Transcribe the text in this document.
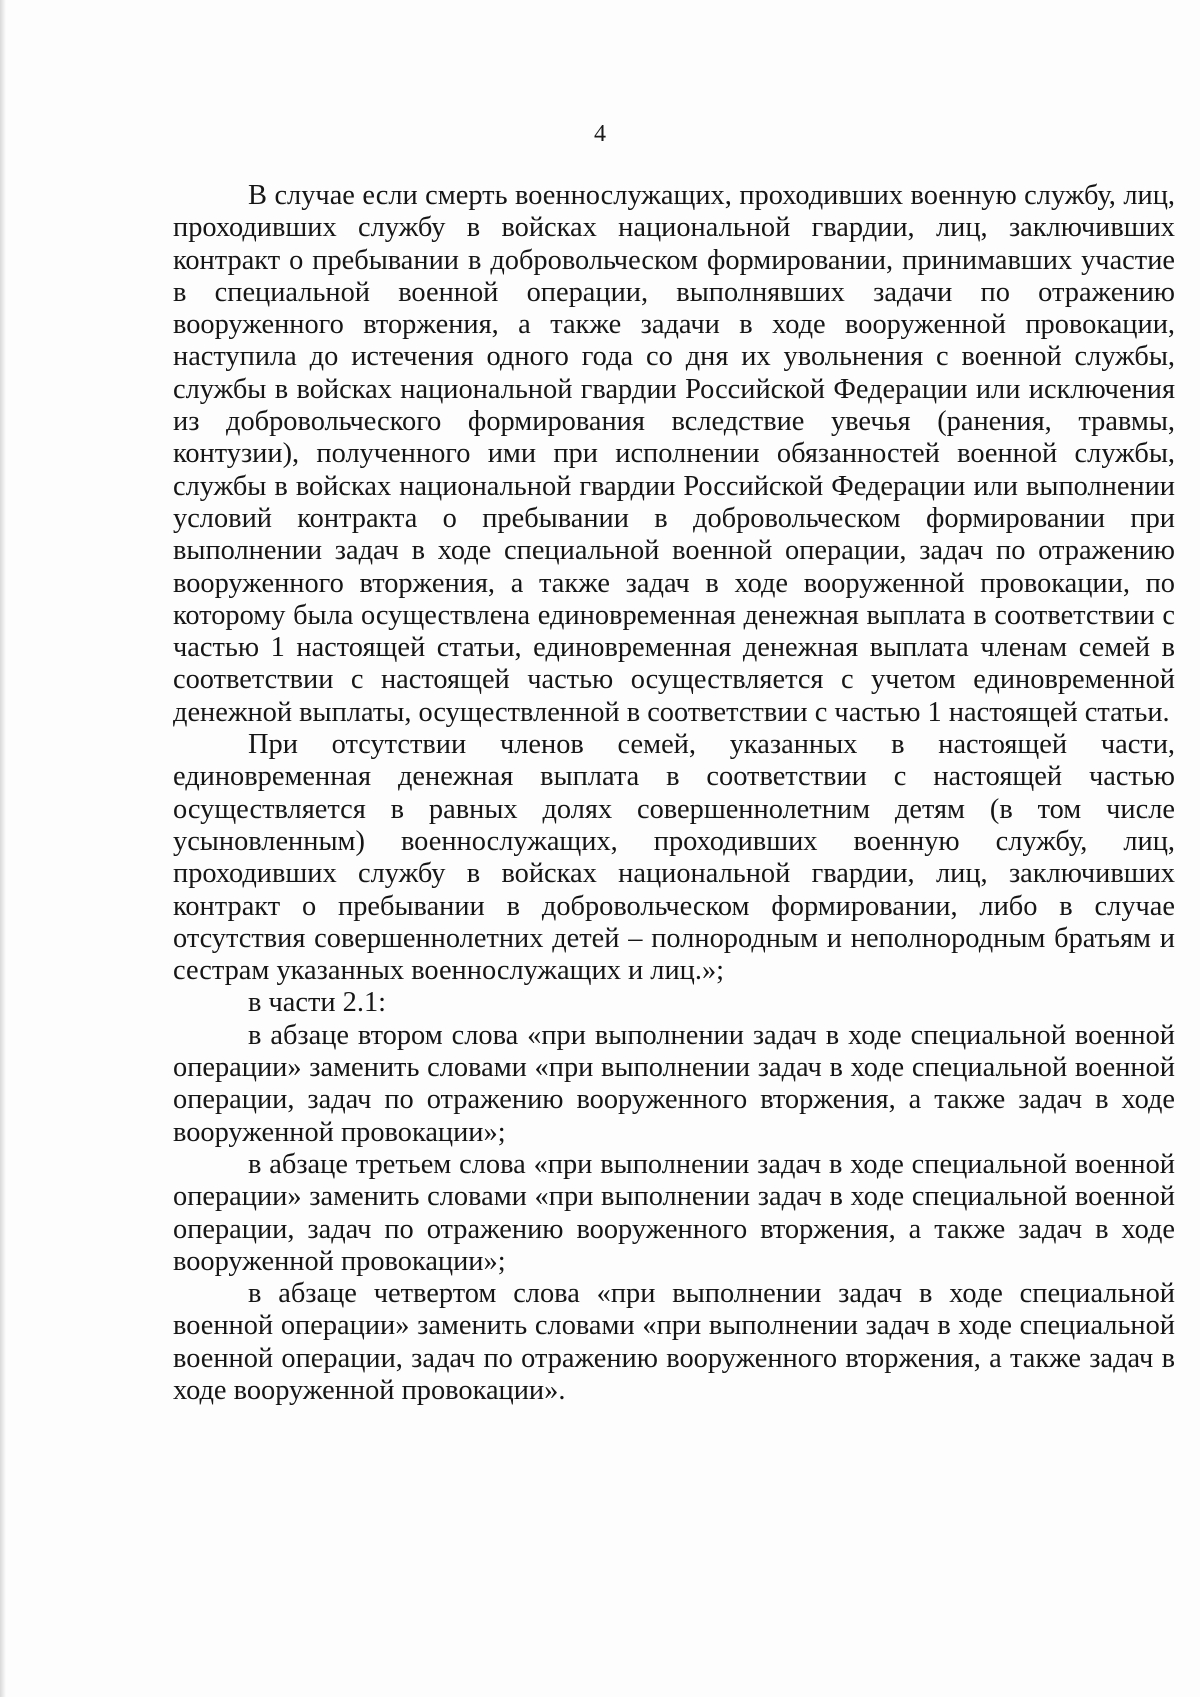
4

В случае если смерть военнослужащих, проходивших военную службу, лиц, проходивших службу в войсках национальной гвардии, лиц, заключивших контракт о пребывании в добровольческом формировании, принимавших участие в специальной военной операции, выполнявших задачи по отражению вооруженного вторжения, а также задачи в ходе вооруженной провокации, наступила до истечения одного года со дня их увольнения с военной службы, службы в войсках национальной гвардии Российской Федерации или исключения из добровольческого формирования вследствие увечья (ранения, травмы, контузии), полученного ими при исполнении обязанностей военной службы, службы в войсках национальной гвардии Российской Федерации или выполнении условий контракта о пребывании в добровольческом формировании при выполнении задач в ходе специальной военной операции, задач по отражению вооруженного вторжения, а также задач в ходе вооруженной провокации, по которому была осуществлена единовременная денежная выплата в соответствии с частью 1 настоящей статьи, единовременная денежная выплата членам семей в соответствии с настоящей частью осуществляется с учетом единовременной денежной выплаты, осуществленной в соответствии с частью 1 настоящей статьи.

При отсутствии членов семей, указанных в настоящей части, единовременная денежная выплата в соответствии с настоящей частью осуществляется в равных долях совершеннолетним детям (в том числе усыновленным) военнослужащих, проходивших военную службу, лиц, проходивших службу в войсках национальной гвардии, лиц, заключивших контракт о пребывании в добровольческом формировании, либо в случае отсутствия совершеннолетних детей – полнородным и неполнородным братьям и сестрам указанных военнослужащих и лиц.»;

в части 2.1:

в абзаце втором слова «при выполнении задач в ходе специальной военной операции» заменить словами «при выполнении задач в ходе специальной военной операции, задач по отражению вооруженного вторжения, а также задач в ходе вооруженной провокации»;

в абзаце третьем слова «при выполнении задач в ходе специальной военной операции» заменить словами «при выполнении задач в ходе специальной военной операции, задач по отражению вооруженного вторжения, а также задач в ходе вооруженной провокации»;

в абзаце четвертом слова «при выполнении задач в ходе специальной военной операции» заменить словами «при выполнении задач в ходе специальной военной операции, задач по отражению вооруженного вторжения, а также задач в ходе вооруженной провокации».
